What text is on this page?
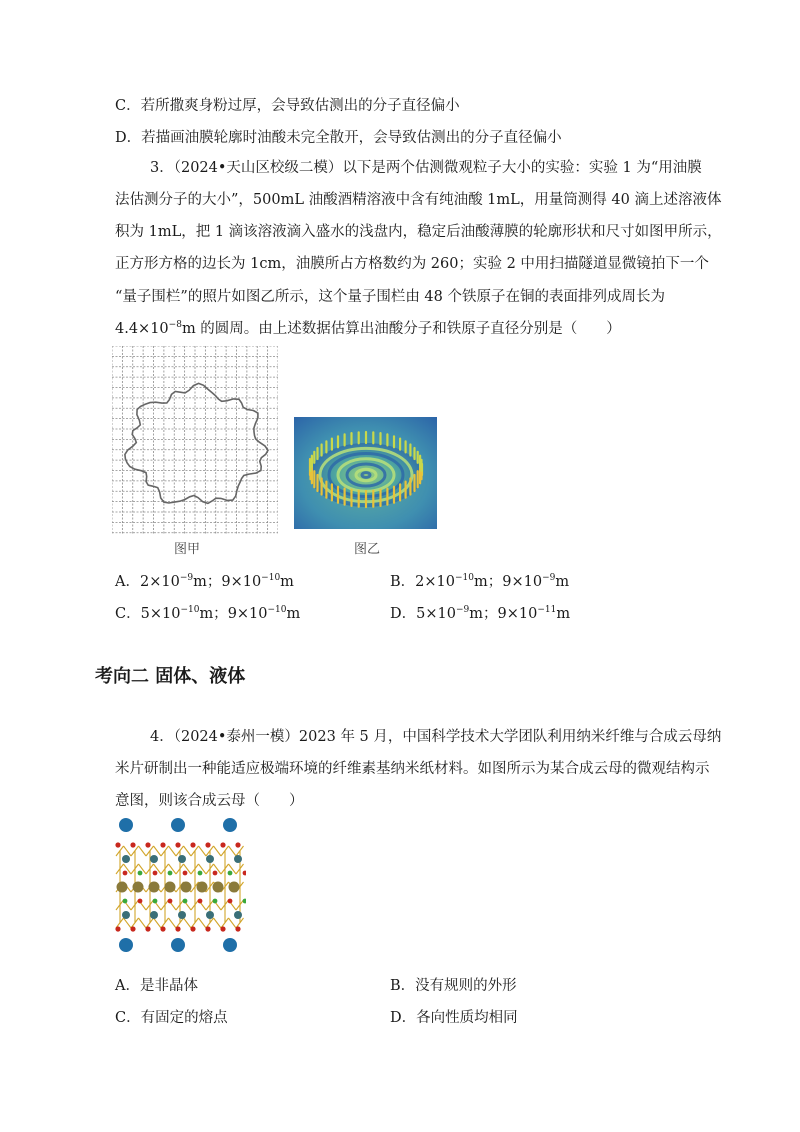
C．若所撒爽身粉过厚，会导致估测出的分子直径偏小
D．若描画油膜轮廓时油酸未完全散开，会导致估测出的分子直径偏小
3．（2024•天山区校级二模）以下是两个估测微观粒子大小的实验：实验 1 为“用油膜
法估测分子的大小”，500mL 油酸酒精溶液中含有纯油酸 1mL，用量筒测得 40 滴上述溶液体
积为 1mL，把 1 滴该溶液滴入盛水的浅盘内，稳定后油酸薄膜的轮廓形状和尺寸如图甲所示，
正方形方格的边长为 1cm，油膜所占方格数约为 260；实验 2 中用扫描隧道显微镜拍下一个
“量子围栏”的照片如图乙所示，这个量子围栏由 48 个铁原子在铜的表面排列成周长为
$4.4\times 10^{-8}m$ 的圆周。由上述数据估算出油酸分子和铁原子直径分别是（　　）
图甲	图乙
A．$2\times 10^{-9}m$；$9\times 10^{-10}m$	B．$2\times 10^{-10}m$；$9\times 10^{-9}m$
C．$5\times 10^{-10}m$；$9\times 10^{-10}m$	D．$5\times 10^{-9}m$；$9\times 10^{-11}m$
考向二 固体、液体
4．（2024•泰州一模）2023 年 5 月，中国科学技术大学团队利用纳米纤维与合成云母纳
米片研制出一种能适应极端环境的纤维素基纳米纸材料。如图所示为某合成云母的微观结构示
意图，则该合成云母（　　）
A．是非晶体	B．没有规则的外形
C．有固定的熔点	D．各向性质均相同
